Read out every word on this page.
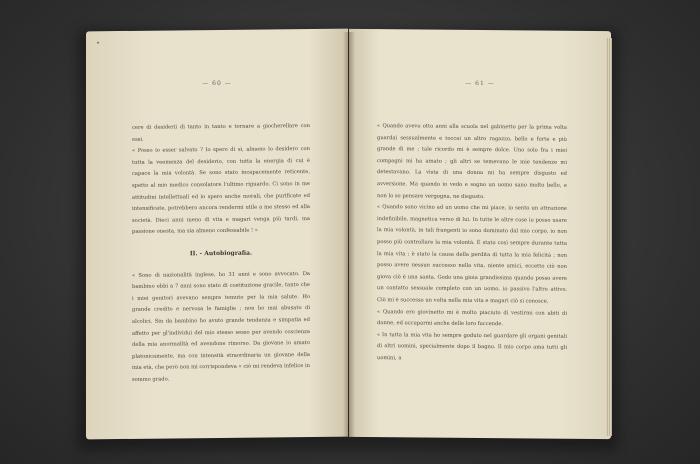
•
— 60 —

cere di desiderii di tanto in tanto e tornare a giocherellare con essi.

« Posso io esser salvato ? Io spero di sì, almeno lo desidero con tutta la veemenza del desiderio, con tutta la energia di cui è capace la mia volontà. Se sono stato incapacemente reticente, spetto al mio medico consolatore l'ultimo riguardo. Ci sono in me attitudini intellettuali ed io spero anche morali, che purificate ed intensificate, potrebbero ancora rendermi utile a me stesso ed alla società. Dieci anni meno di vita e magari venga più tardi, ma passione onesta, ma sia almeno confessabile ! »

II. - Autobiografia.

« Sono di nazionalità inglese, ho 31 anni e sono avvocato. Da bambino ebbi a 7 anni sono stato di costituzione gracile, tanto che i miei genitori avevano sempre temuto per la mia salute. Ho grande credito e nervosa le famiglie ; non ho mai abusato di alcolici. Sin da bambino ho avuto grande tendenza e simpatia ed affetto per gl'individui del mio stesso sesso per avendo coscienza della mia anormalità ed avendone rimorso. Da giovane io amato platonicamente, ma con intensità straordinaria un giovane della mia età, che però non mi corrispondeva « ciò mi rendeva infelice in sommo grado.

— 61 —

« Quando avevo otto anni alla scuola nel gabinetto per la prima volta guardai sessualmente e toccai un altro ragazzo, bello e forte e più grande di me ; tale ricordo mi è sempre dolce. Uno solo fra i miei compagni mi ha amato ; gli altri se temevano le mie tendenze mi detestavano. La vista di una donna mi ha sempre disgusto ed avversione. Ma quando io vedo e sogno un uomo sano molto bello, e non lo so pensare vergogna, ne disgusto.

« Quando sono vicino ad un uomo che mi piace, io sento un attrazione indefinibile, magnetica verso di lui. In tutte le altre cose io posso usare la mia volontà, in tali frangenti io sono dominato dal mio corpo, io non posso più controllare la mia volontà. È stato così sempre durante tutta la mia vita ; è stato la causa della perdita di tutta la mia felicità ; non posso avere nessun successo nella vita, niente amici, eccetto ciò non giova ciò è una santa. Godo una gioia grandissima quando posso avere un contatto sessuale completo con un uomo, io passivo l'altro attivo. Ciò mi è successo un volta nella mia vita e magari ciò si conosce.

« Quando ero giovinetto mi è molto piaciuto di vestirmi con abiti di donne, ed occuparmi anche delle loro faccende.

« In tutta la mia vita ho sempre goduto nel guardare gli organi genitali di altri uomini, specialmente dopo il bagno. Il mio corpo ama tutti gli uomini, a
